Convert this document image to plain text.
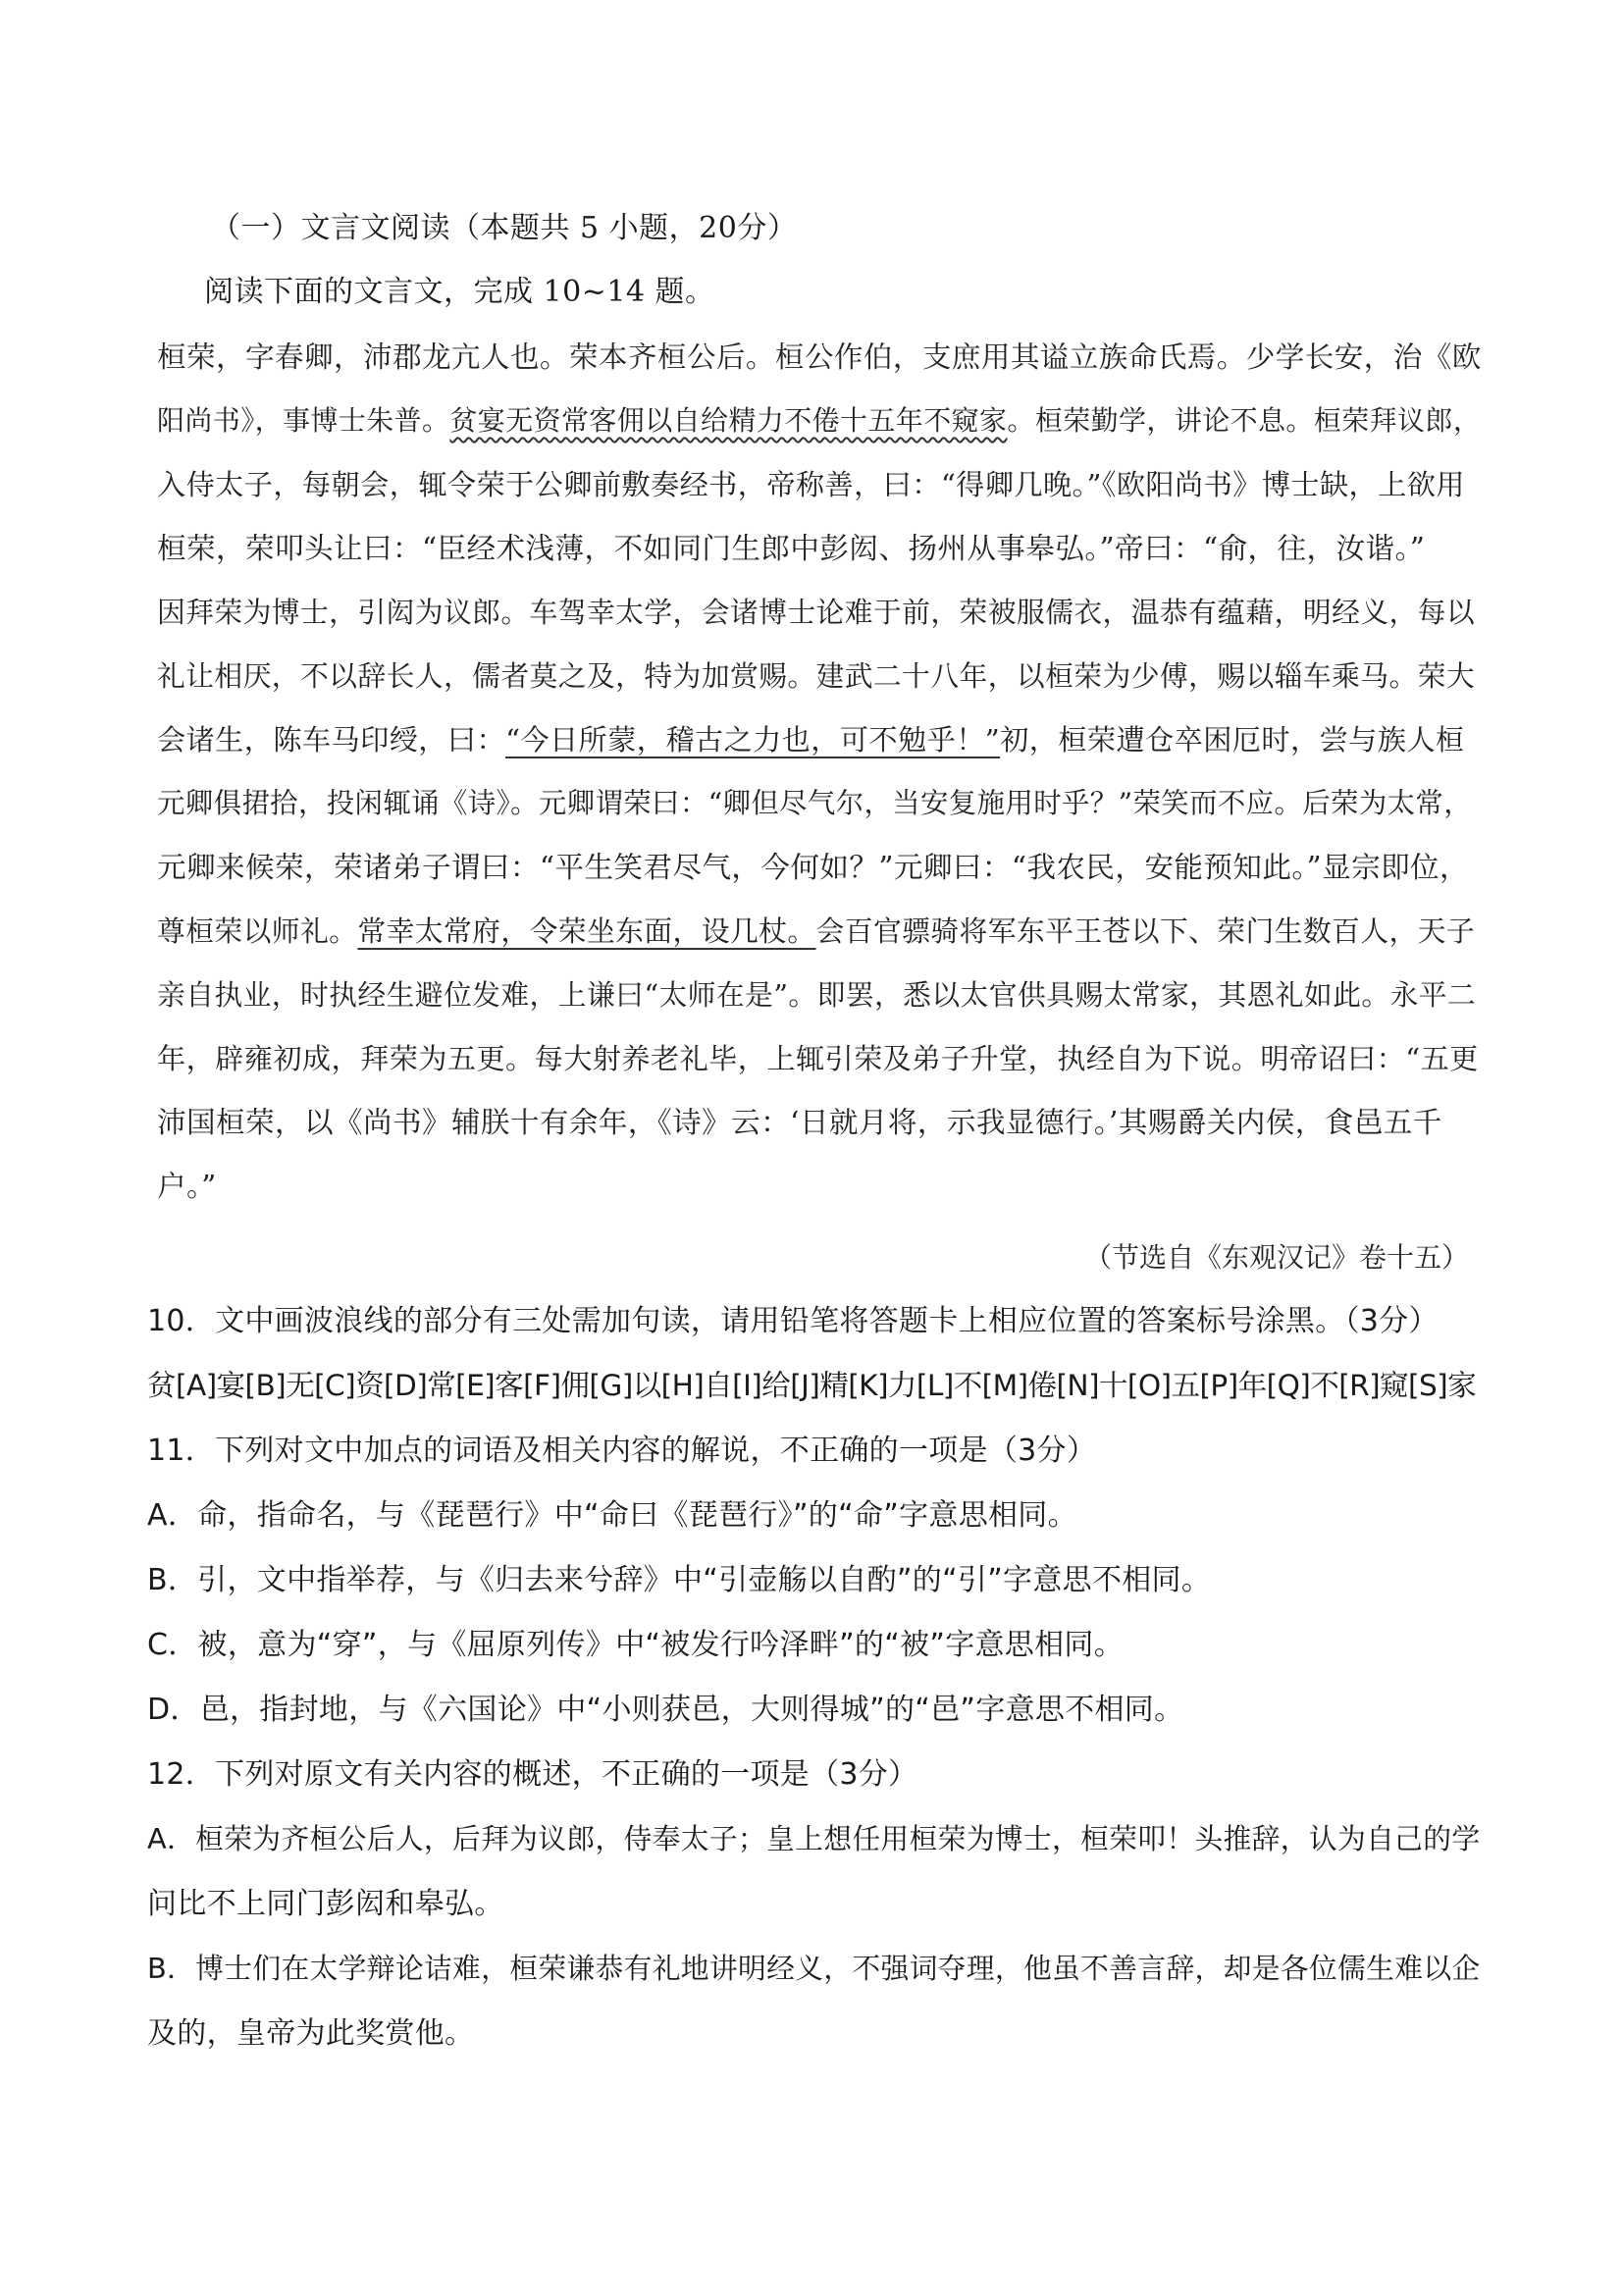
（一）文言文阅读（本题共 5 小题，20分）
阅读下面的文言文，完成 10~14 题。
桓荣，字春卿，沛郡龙亢人也。荣本齐桓公后。桓公作伯，支庶用其谥立族命氏焉。少学长安，治《欧
阳尚书》，事博士朱普。贫宴无资常客佣以自给精力不倦十五年不窥家。桓荣勤学，讲论不息。桓荣拜议郎，
入侍太子，每朝会，辄令荣于公卿前敷奏经书，帝称善，曰：“得卿几晚。”《欧阳尚书》博士缺，上欲用
桓荣，荣叩头让曰：“臣经术浅薄，不如同门生郎中彭闳、扬州从事皋弘。”帝曰：“俞，往，汝谐。”
因拜荣为博士，引闳为议郎。车驾幸太学，会诸博士论难于前，荣被服儒衣，温恭有蕴藉，明经义，每以
礼让相厌，不以辞长人，儒者莫之及，特为加赏赐。建武二十八年，以桓荣为少傅，赐以辎车乘马。荣大
会诸生，陈车马印绶，曰：“今日所蒙，稽古之力也，可不勉乎！”初，桓荣遭仓卒困厄时，尝与族人桓
元卿俱捃拾，投闲辄诵《诗》。元卿谓荣曰：“卿但尽气尔，当安复施用时乎？”荣笑而不应。后荣为太常，
元卿来候荣，荣诸弟子谓曰：“平生笑君尽气，今何如？”元卿曰：“我农民，安能预知此。”显宗即位，
尊桓荣以师礼。常幸太常府，令荣坐东面，设几杖。会百官骠骑将军东平王苍以下、荣门生数百人，天子
亲自执业，时执经生避位发难，上谦曰“太师在是”。即罢，悉以太官供具赐太常家，其恩礼如此。永平二
年，辟雍初成，拜荣为五更。每大射养老礼毕，上辄引荣及弟子升堂，执经自为下说。明帝诏曰：“五更
沛国桓荣，以《尚书》辅朕十有余年，《诗》云：‘日就月将，示我显德行。’其赐爵关内侯，食邑五千
户。”
（节选自《东观汉记》卷十五）
10．文中画波浪线的部分有三处需加句读，请用铅笔将答题卡上相应位置的答案标号涂黑。（3分）
贫[A]宴[B]无[C]资[D]常[E]客[F]佣[G]以[H]自[I]给[J]精[K]力[L]不[M]倦[N]十[O]五[P]年[Q]不[R]窥[S]家
11．下列对文中加点的词语及相关内容的解说，不正确的一项是（3分）
A．命，指命名，与《琵琶行》中“命曰《琵琶行》”的“命”字意思相同。
B．引，文中指举荐，与《归去来兮辞》中“引壶觞以自酌”的“引”字意思不相同。
C．被，意为“穿”，与《屈原列传》中“被发行吟泽畔”的“被”字意思相同。
D．邑，指封地，与《六国论》中“小则获邑，大则得城”的“邑”字意思不相同。
12．下列对原文有关内容的概述，不正确的一项是（3分）
A．桓荣为齐桓公后人，后拜为议郎，侍奉太子；皇上想任用桓荣为博士，桓荣叩！头推辞，认为自己的学
问比不上同门彭闳和皋弘。
B．博士们在太学辩论诘难，桓荣谦恭有礼地讲明经义，不强词夺理，他虽不善言辞，却是各位儒生难以企
及的，皇帝为此奖赏他。
